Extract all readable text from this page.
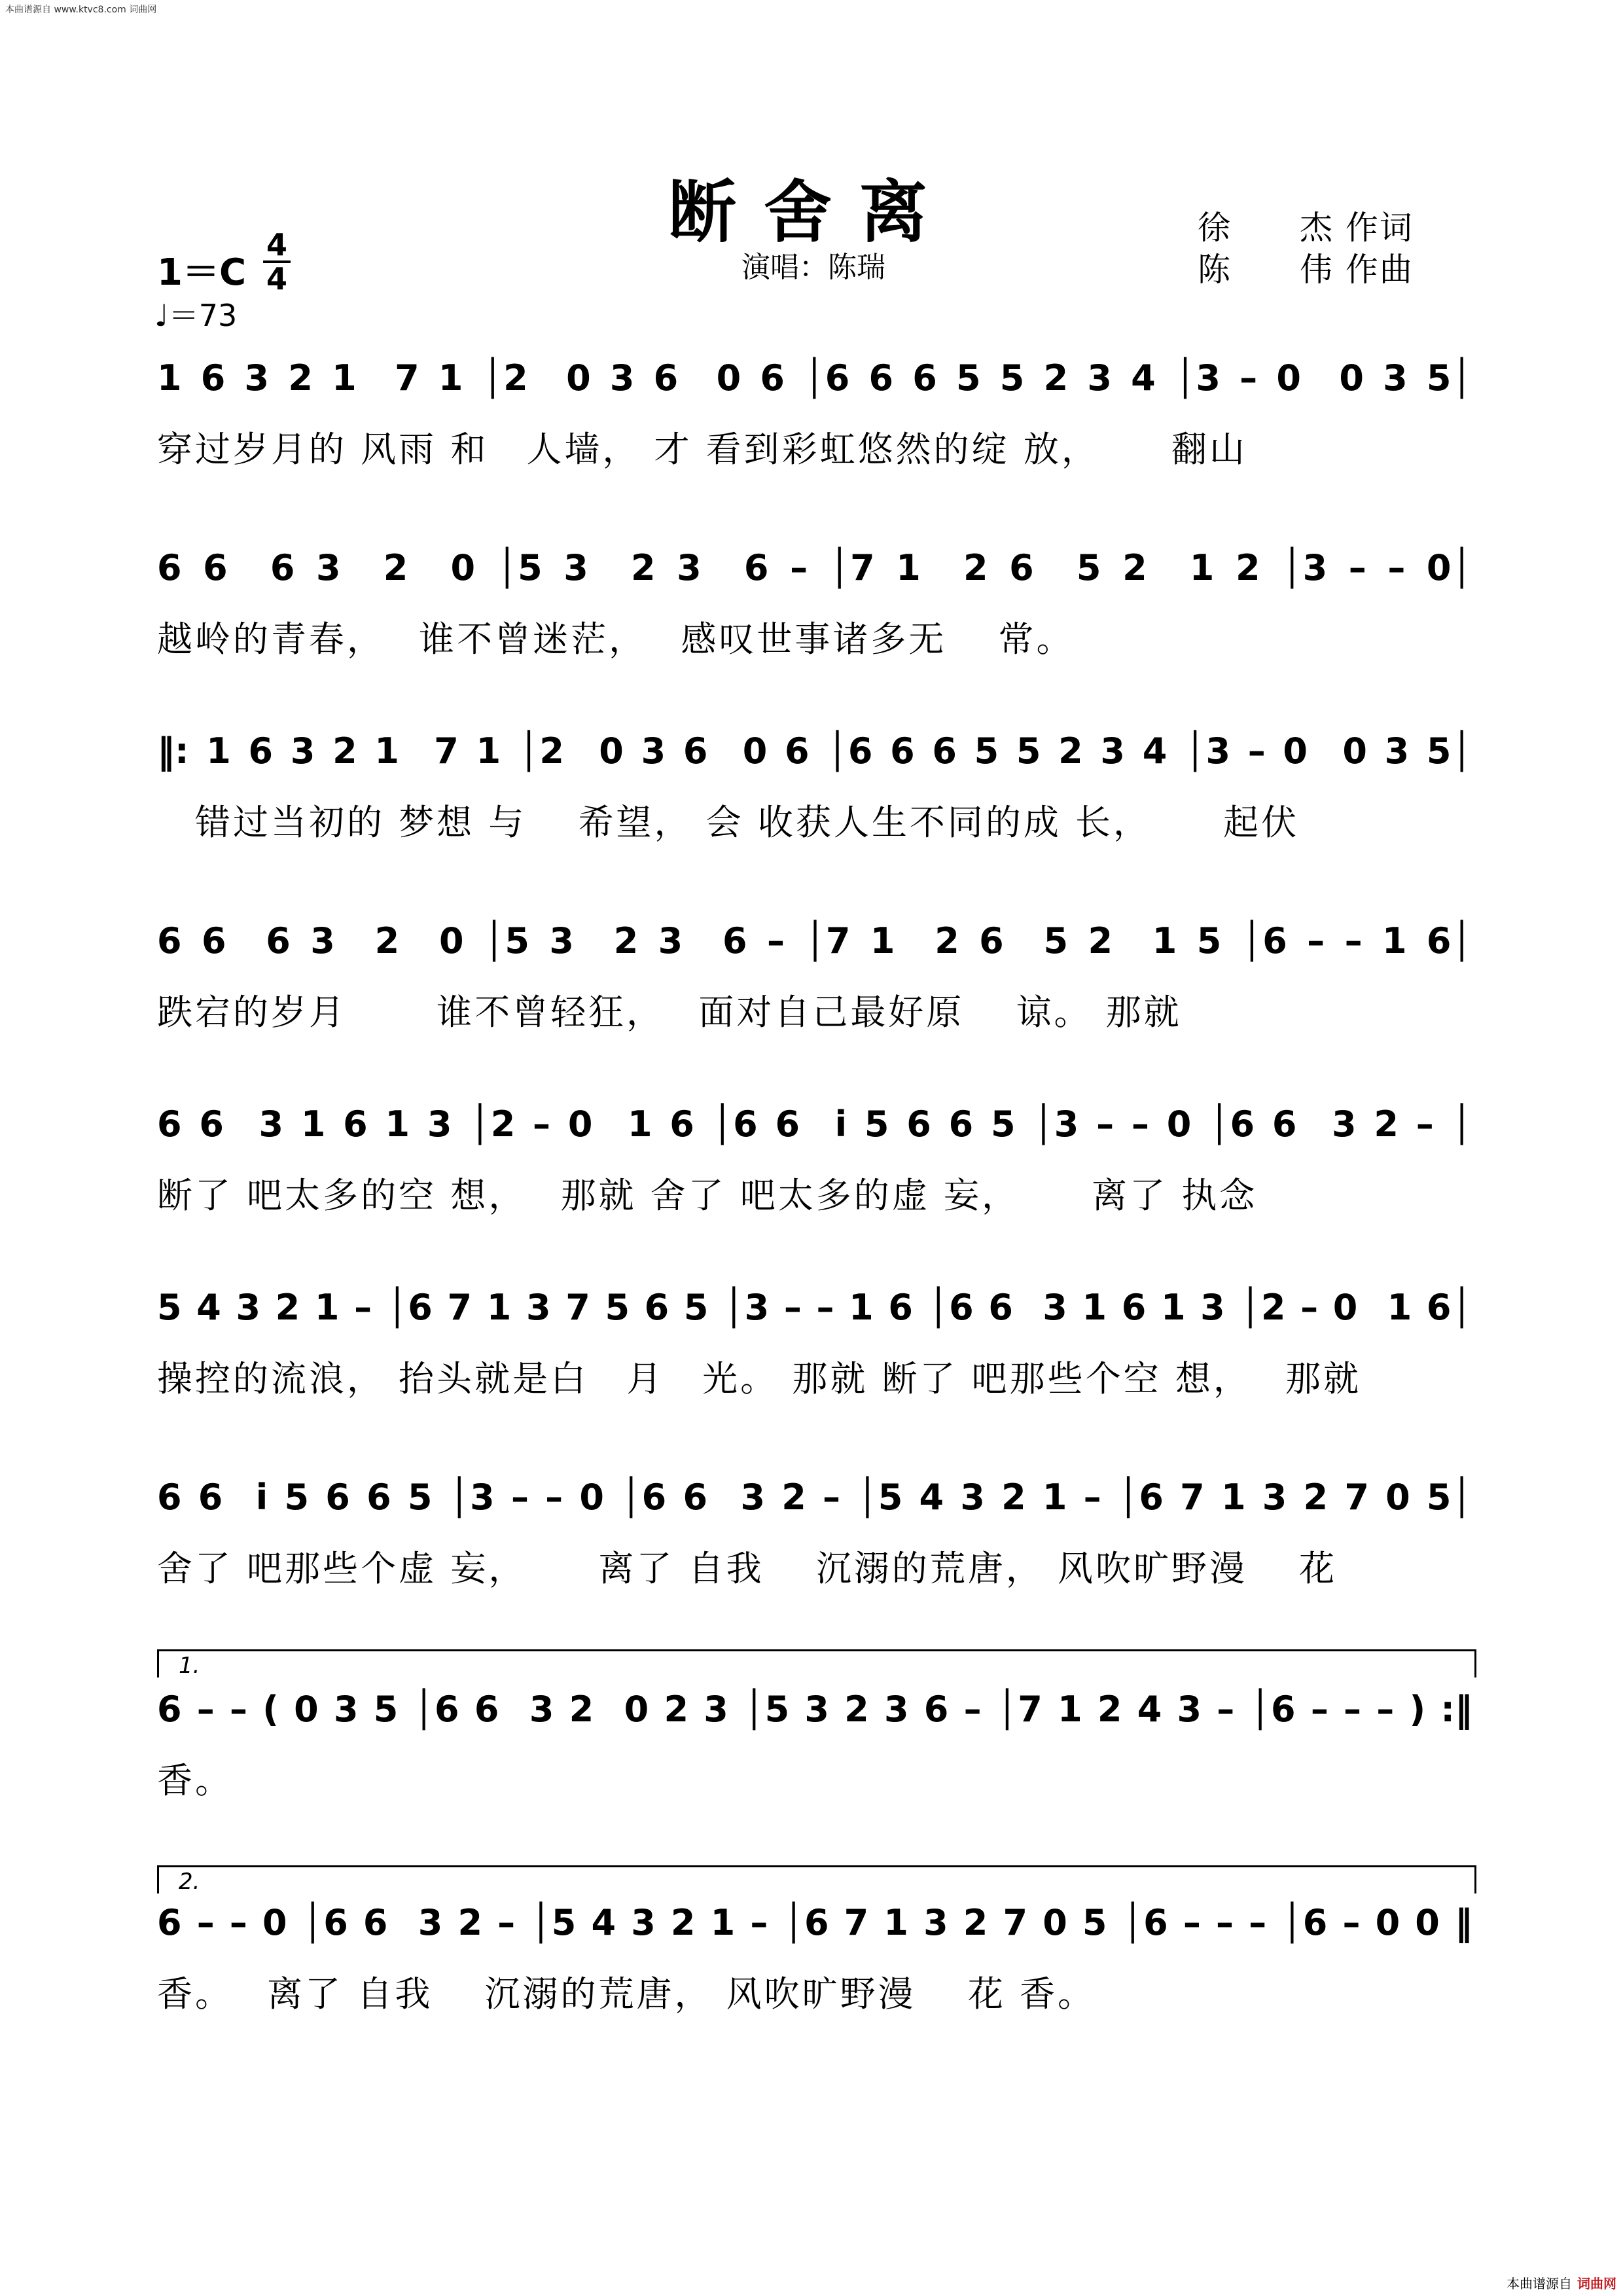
本曲谱源自 www.ktvc8.com 词曲网
断舍离
演唱：陈瑞
徐　　杰 作词
陈　　伟 作曲
1＝C
4
4
♩＝73
1 6 3 2 1  7 1 │2  0 3 6  0 6 │6 6 6 5 5 2 3 4 │3 – 0  0 3 5│
穿过岁月的 风雨 和　人墙， 才 看到彩虹悠然的绽 放，　　 翻山
6 6  6 3  2  0 │5 3  2 3  6 – │7 1  2 6  5 2  1 2 │3 – – 0│
越岭的青春，　 谁不曾迷茫，　 感叹世事诸多无　 常。
‖: 1 6 3 2 1  7 1 │2  0 3 6  0 6 │6 6 6 5 5 2 3 4 │3 – 0  0 3 5│
　错过当初的 梦想 与　 希望， 会 收获人生不同的成 长，　　 起伏
6 6  6 3  2  0 │5 3  2 3  6 – │7 1  2 6  5 2  1 5 │6 – – 1 6│
跌宕的岁月　　 谁不曾轻狂，　 面对自己最好原　 谅。 那就
6 6  3 1 6 1 3 │2 – 0  1 6 │6 6  i 5 6 6 5 │3 – – 0 │6 6  3 2 – │
断了 吧太多的空 想，　 那就 舍了 吧太多的虚 妄，　　 离了 执念
5 4 3 2 1 – │6 7 1 3 7 5 6 5 │3 – – 1 6 │6 6  3 1 6 1 3 │2 – 0  1 6│
操控的流浪， 抬头就是白　月　光。 那就 断了 吧那些个空 想，　 那就
6 6  i 5 6 6 5 │3 – – 0 │6 6  3 2 – │5 4 3 2 1 – │6 7 1 3 2 7 0 5│
舍了 吧那些个虚 妄，　　 离了 自我　 沉溺的荒唐， 风吹旷野漫　 花
1.
6 – – ( 0 3 5 │6 6  3 2  0 2 3 │5 3 2 3 6 – │7 1 2 4 3 – │6 – – – ) :‖
香。
2.
6 – – 0 │6 6  3 2 – │5 4 3 2 1 – │6 7 1 3 2 7 0 5 │6 – – – │6 – 0 0 ‖
香。　 离了 自我　 沉溺的荒唐， 风吹旷野漫　 花 香。
本曲谱源自 词曲网
